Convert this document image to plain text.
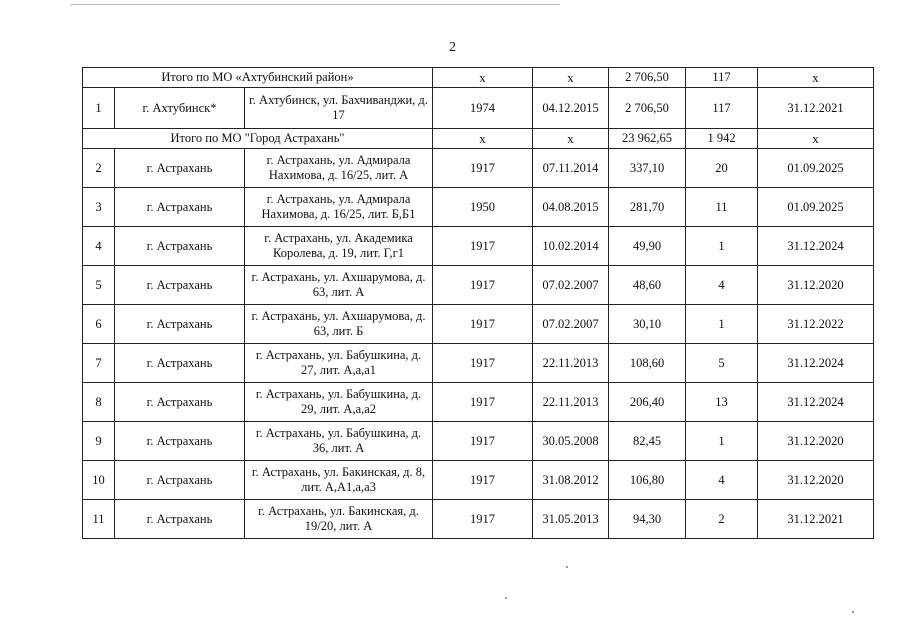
2
Итого по МО «Ахтубинский район»			х	х	2 706,50	117	х
1	г. Ахтубинск*	г. Ахтубинск, ул. Бахчиванджи, д. 17	1974	04.12.2015	2 706,50	117	31.12.2021
Итого по МО "Город Астрахань"			х	х	23 962,65	1 942	х
2	г. Астрахань	г. Астрахань, ул. Адмирала Нахимова, д. 16/25, лит. А	1917	07.11.2014	337,10	20	01.09.2025
3	г. Астрахань	г. Астрахань, ул. Адмирала Нахимова, д. 16/25, лит. Б,Б1	1950	04.08.2015	281,70	11	01.09.2025
4	г. Астрахань	г. Астрахань, ул. Академика Королева, д. 19, лит. Г,г1	1917	10.02.2014	49,90	1	31.12.2024
5	г. Астрахань	г. Астрахань, ул. Ахшарумова, д. 63, лит. А	1917	07.02.2007	48,60	4	31.12.2020
6	г. Астрахань	г. Астрахань, ул. Ахшарумова, д. 63, лит. Б	1917	07.02.2007	30,10	1	31.12.2022
7	г. Астрахань	г. Астрахань, ул. Бабушкина, д. 27, лит. А,а,а1	1917	22.11.2013	108,60	5	31.12.2024
8	г. Астрахань	г. Астрахань, ул. Бабушкина, д. 29, лит. А,а,а2	1917	22.11.2013	206,40	13	31.12.2024
9	г. Астрахань	г. Астрахань, ул. Бабушкина, д. 36, лит. А	1917	30.05.2008	82,45	1	31.12.2020
10	г. Астрахань	г. Астрахань, ул. Бакинская, д. 8, лит. А,А1,а,а3	1917	31.08.2012	106,80	4	31.12.2020
11	г. Астрахань	г. Астрахань, ул. Бакинская, д. 19/20, лит. А	1917	31.05.2013	94,30	2	31.12.2021
